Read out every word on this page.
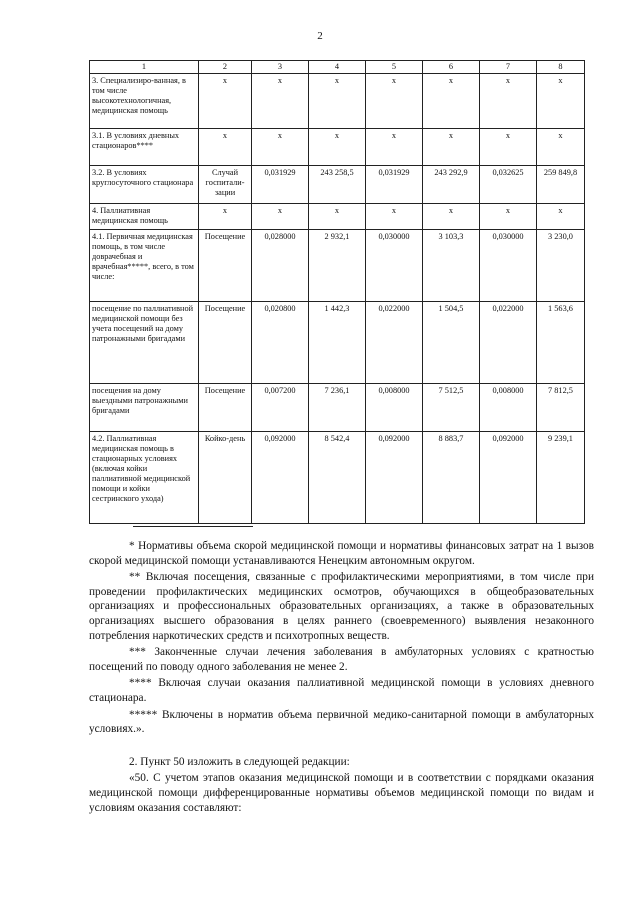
2
1	2	3	4	5	6	7	8
3. Специализиро-ванная, в том числе высокотехнологичная, медицинская помощь	х	х	х	х	х	х	х
3.1. В условиях дневных стационаров****	х	х	х	х	х	х	х
3.2. В условиях круглосуточного стационара	Случай госпитали-зации	0,031929	243 258,5	0,031929	243 292,9	0,032625	259 849,8
4. Паллиативная медицинская помощь	х	х	х	х	х	х	х
4.1. Первичная медицинская помощь, в том числе доврачебная и врачебная*****, всего, в том числе:	Посещение	0,028000	2 932,1	0,030000	3 103,3	0,030000	3 230,0
посещение по паллиативной медицинской помощи без учета посещений на дому патронажными бригадами	Посещение	0,020800	1 442,3	0,022000	1 504,5	0,022000	1 563,6
посещения на дому выездными патронажными бригадами	Посещение	0,007200	7 236,1	0,008000	7 512,5	0,008000	7 812,5
4.2. Паллиативная медицинская помощь в стационарных условиях (включая койки паллиативной медицинской помощи и койки сестринского ухода)	Койко-день	0,092000	8 542,4	0,092000	8 883,7	0,092000	9 239,1

* Нормативы объема скорой медицинской помощи и нормативы финансовых затрат на 1 вызов скорой медицинской помощи устанавливаются Ненецким автономным округом.

** Включая посещения, связанные с профилактическими мероприятиями, в том числе при проведении профилактических медицинских осмотров, обучающихся в общеобразовательных организациях и профессиональных образовательных организациях, а также в образовательных организациях высшего образования в целях раннего (своевременного) выявления незаконного потребления наркотических средств и психотропных веществ.

*** Законченные случаи лечения заболевания в амбулаторных условиях с кратностью посещений по поводу одного заболевания не менее 2.

**** Включая случаи оказания паллиативной медицинской помощи в условиях дневного стационара.

***** Включены в норматив объема первичной медико-санитарной помощи в амбулаторных условиях.».

2. Пункт 50 изложить в следующей редакции:

«50. С учетом этапов оказания медицинской помощи и в соответствии с порядками оказания медицинской помощи дифференцированные нормативы объемов медицинской помощи по видам и условиям оказания составляют:
